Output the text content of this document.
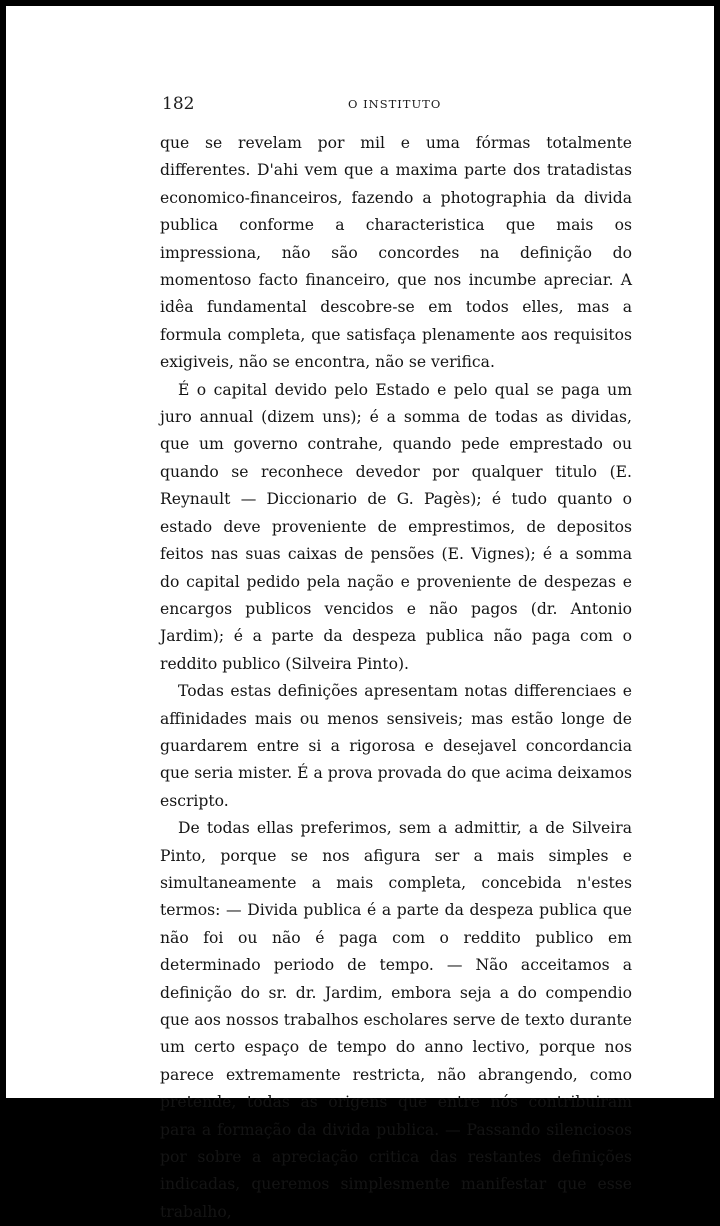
182	O INSTITUTO

que se revelam por mil e uma fórmas totalmente differentes. D'ahi vem que a maxima parte dos tratadistas economico-financeiros, fazendo a photographia da divida publica conforme a characteristica que mais os impressiona, não são concordes na definição do momentoso facto financeiro, que nos incumbe apreciar. A idêa fundamental descobre-se em todos elles, mas a formula completa, que satisfaça plenamente aos requisitos exigiveis, não se encontra, não se verifica.

É o capital devido pelo Estado e pelo qual se paga um juro annual (dizem uns); é a somma de todas as dividas, que um governo contrahe, quando pede emprestado ou quando se reconhece devedor por qualquer titulo (E. Reynault — Diccionario de G. Pagès); é tudo quanto o estado deve proveniente de emprestimos, de depositos feitos nas suas caixas de pensões (E. Vignes); é a somma do capital pedido pela nação e proveniente de despezas e encargos publicos vencidos e não pagos (dr. Antonio Jardim); é a parte da despeza publica não paga com o reddito publico (Silveira Pinto).

Todas estas definições apresentam notas differenciaes e affinidades mais ou menos sensiveis; mas estão longe de guardarem entre si a rigorosa e desejavel concordancia que seria mister. É a prova provada do que acima deixamos escripto.

De todas ellas preferimos, sem a admittir, a de Silveira Pinto, porque se nos afigura ser a mais simples e simultaneamente a mais completa, concebida n'estes termos: — Divida publica é a parte da despeza publica que não foi ou não é paga com o reddito publico em determinado periodo de tempo. — Não acceitamos a definição do sr. dr. Jardim, embora seja a do compendio que aos nossos trabalhos escholares serve de texto durante um certo espaço de tempo do anno lectivo, porque nos parece extremamente restricta, não abrangendo, como pretende, todas as origens que entre nós contribuiram para a formação da divida publica. — Passando silenciosos por sobre a apreciação critica das restantes definições indicadas, queremos simplesmente manifestar que esse trabalho,
